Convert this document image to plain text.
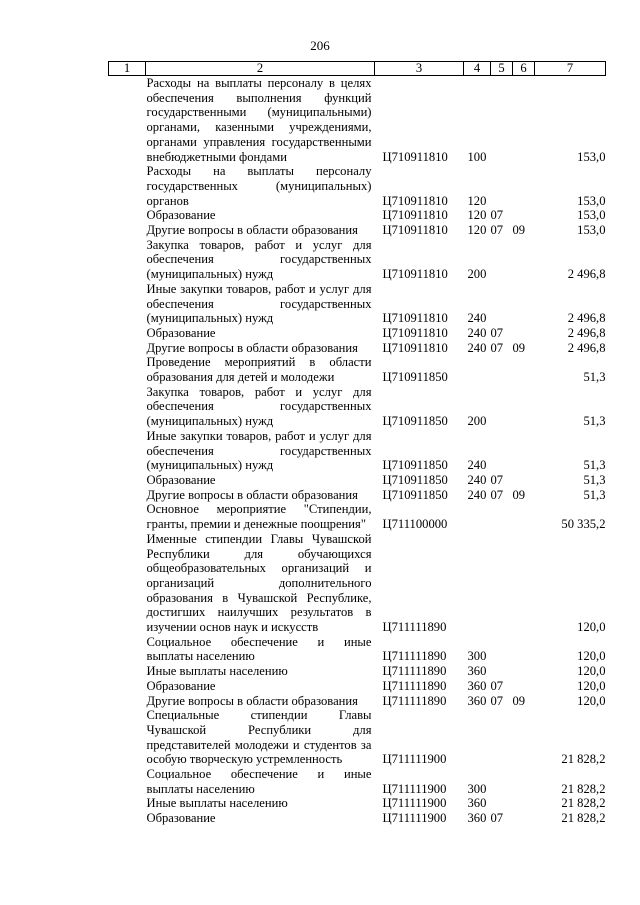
206
1	2	3	4	5	6	7
	Расходы на выплаты персоналу в целях обеспечения выполнения функций государственными (муниципальными) органами, казенными учреждениями, органами управления государственными внебюджетными фондами	Ц710911810	100			153,0
	Расходы на выплаты персоналу государственных (муниципальных) органов	Ц710911810	120			153,0
	Образование	Ц710911810	120	07		153,0
	Другие вопросы в области образования	Ц710911810	120	07	09	153,0
	Закупка товаров, работ и услуг для обеспечения государственных (муниципальных) нужд	Ц710911810	200			2 496,8
	Иные закупки товаров, работ и услуг для обеспечения государственных (муниципальных) нужд	Ц710911810	240			2 496,8
	Образование	Ц710911810	240	07		2 496,8
	Другие вопросы в области образования	Ц710911810	240	07	09	2 496,8
	Проведение мероприятий в области образования для детей и молодежи	Ц710911850				51,3
	Закупка товаров, работ и услуг для обеспечения государственных (муниципальных) нужд	Ц710911850	200			51,3
	Иные закупки товаров, работ и услуг для обеспечения государственных (муниципальных) нужд	Ц710911850	240			51,3
	Образование	Ц710911850	240	07		51,3
	Другие вопросы в области образования	Ц710911850	240	07	09	51,3
	Основное мероприятие "Стипендии, гранты, премии и денежные поощрения"	Ц711100000				50 335,2
	Именные стипендии Главы Чувашской Республики для обучающихся общеобразовательных организаций и организаций дополнительного образования в Чувашской Республике, достигших наилучших результатов в изучении основ наук и искусств	Ц711111890				120,0
	Социальное обеспечение и иные выплаты населению	Ц711111890	300			120,0
	Иные выплаты населению	Ц711111890	360			120,0
	Образование	Ц711111890	360	07		120,0
	Другие вопросы в области образования	Ц711111890	360	07	09	120,0
	Специальные стипендии Главы Чувашской Республики для представителей молодежи и студентов за особую творческую устремленность	Ц711111900				21 828,2
	Социальное обеспечение и иные выплаты населению	Ц711111900	300			21 828,2
	Иные выплаты населению	Ц711111900	360			21 828,2
	Образование	Ц711111900	360	07		21 828,2
